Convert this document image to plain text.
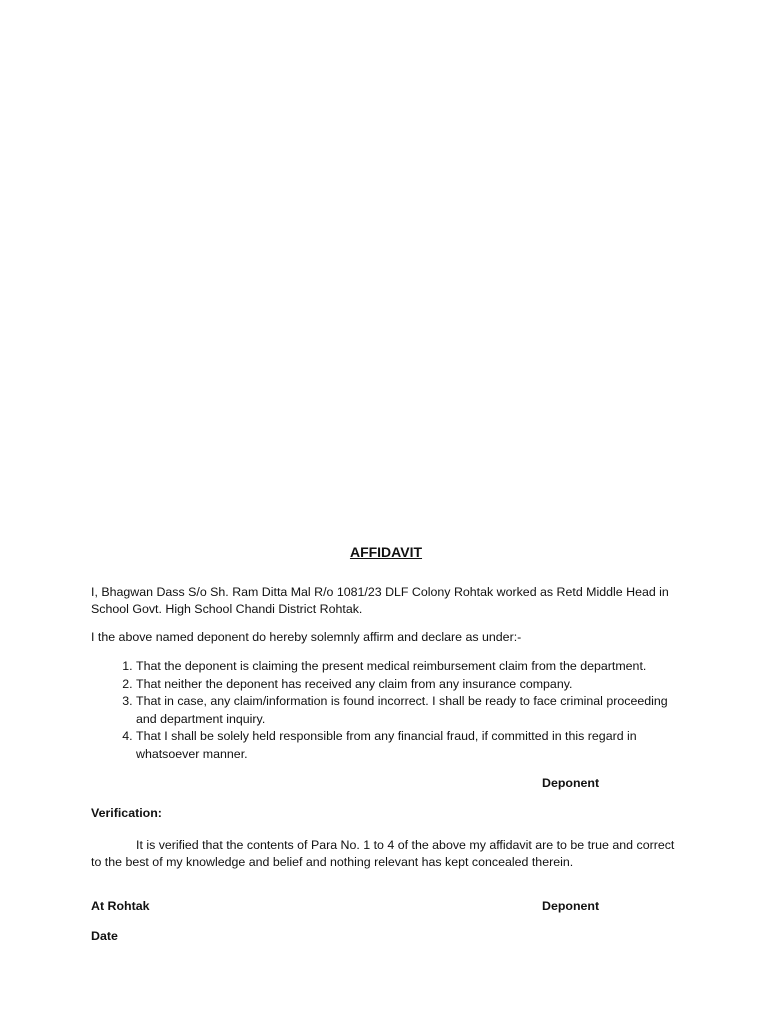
AFFIDAVIT

I, Bhagwan Dass S/o Sh. Ram Ditta Mal R/o 1081/23 DLF Colony Rohtak worked as Retd Middle Head in School Govt. High School Chandi District Rohtak.

I the above named deponent do hereby solemnly affirm and declare as under:-

1. That the deponent is claiming the present medical reimbursement claim from the department.
2. That neither the deponent has received any claim from any insurance company.
3. That in case, any claim/information is found incorrect. I shall be ready to face criminal proceeding and department inquiry.
4. That I shall be solely held responsible from any financial fraud, if committed in this regard in whatsoever manner.
Deponent

Verification:

It is verified that the contents of Para No. 1 to 4 of the above my affidavit are to be true and correct to the best of my knowledge and belief and nothing relevant has kept concealed therein.

At Rohtak	Deponent
Date
